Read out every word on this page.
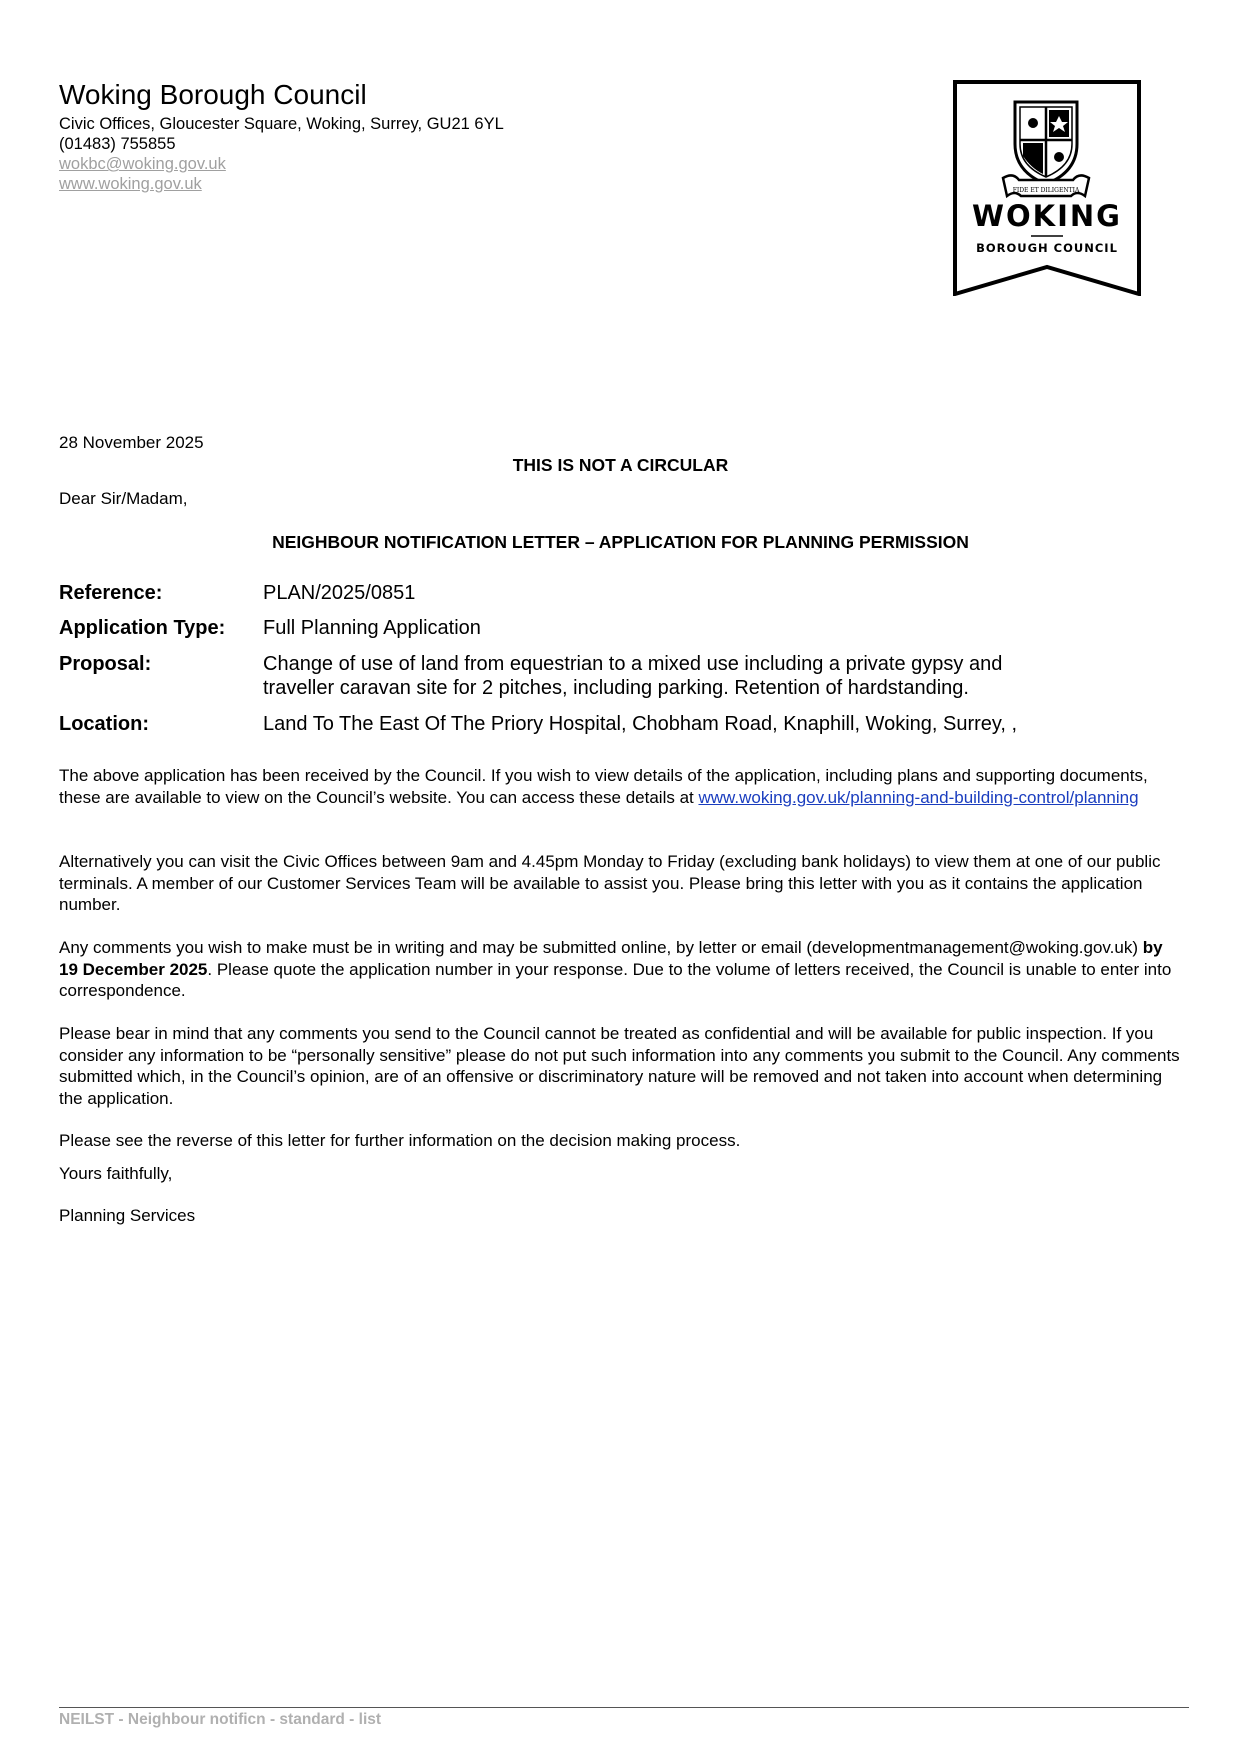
Woking Borough Council
Civic Offices, Gloucester Square, Woking, Surrey, GU21 6YL
(01483) 755855
wokbc@woking.gov.uk
www.woking.gov.uk	FIDE ET DILIGENTIA
WOKING
BOROUGH COUNCIL
28 November 2025
THIS IS NOT A CIRCULAR
Dear Sir/Madam,
NEIGHBOUR NOTIFICATION LETTER – APPLICATION FOR PLANNING PERMISSION
Reference:	PLAN/2025/0851
Application Type: Full Planning Application
Proposal:	Change of use of land from equestrian to a mixed use including a private gypsy and traveller caravan site for 2 pitches, including parking. Retention of hardstanding.
Location:	Land To The East Of The Priory Hospital, Chobham Road, Knaphill, Woking, Surrey, ,
The above application has been received by the Council. If you wish to view details of the application, including plans and supporting documents, these are available to view on the Council’s website. You can access these details at www.woking.gov.uk/planning-and-building-control/planning
Alternatively you can visit the Civic Offices between 9am and 4.45pm Monday to Friday (excluding bank holidays) to view them at one of our public terminals. A member of our Customer Services Team will be available to assist you. Please bring this letter with you as it contains the application number.
Any comments you wish to make must be in writing and may be submitted online, by letter or email (developmentmanagement@woking.gov.uk) by 19 December 2025. Please quote the application number in your response. Due to the volume of letters received, the Council is unable to enter into correspondence.
Please bear in mind that any comments you send to the Council cannot be treated as confidential and will be available for public inspection. If you consider any information to be “personally sensitive” please do not put such information into any comments you submit to the Council. Any comments submitted which, in the Council’s opinion, are of an offensive or discriminatory nature will be removed and not taken into account when determining the application.
Please see the reverse of this letter for further information on the decision making process.
Yours faithfully,
Planning Services
NEILST - Neighbour notificn - standard - list
